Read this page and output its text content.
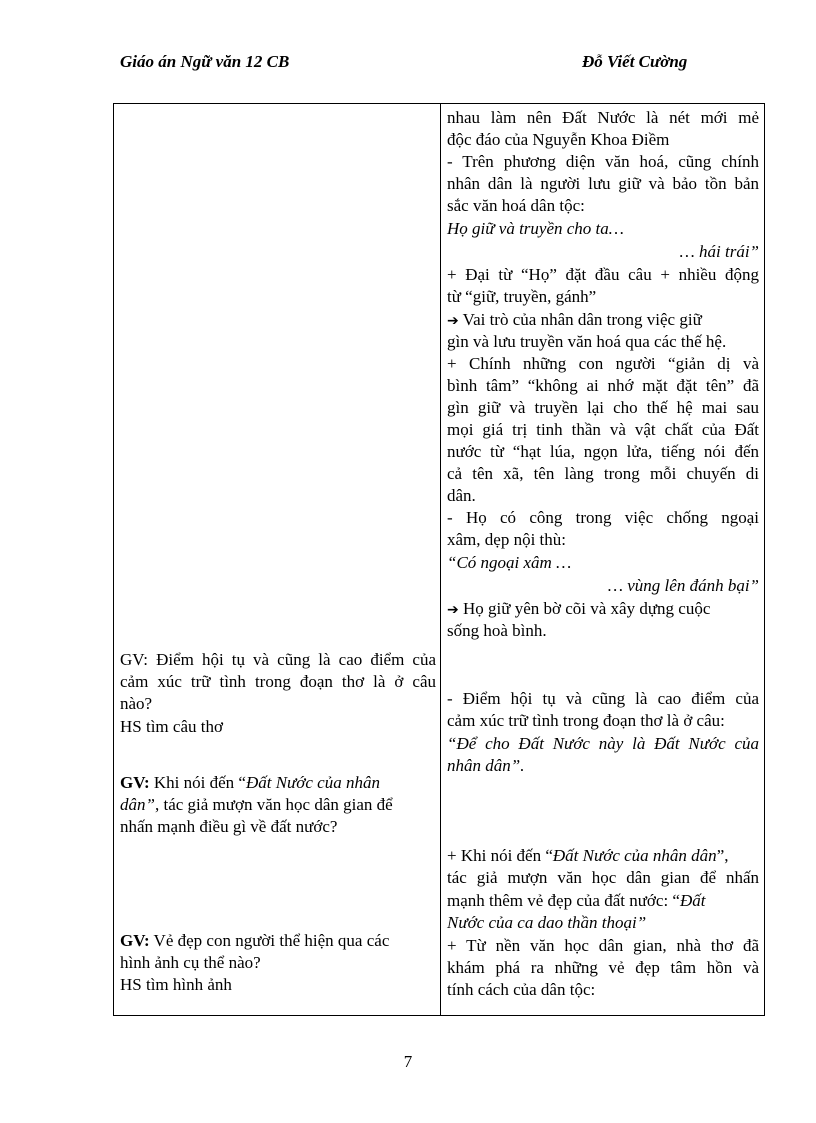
Giáo án Ngữ văn 12 CB	Đỗ Viết Cường
GV: Điểm hội tụ và cũng là cao điểm của
cảm xúc trữ tình trong đoạn thơ là ở câu
nào?
HS tìm câu thơ
GV: Khi nói đến “Đất Nước của nhân
dân”, tác giả mượn văn học dân gian để
nhấn mạnh điều gì về đất nước?
GV: Vẻ đẹp con người thể hiện qua các
hình ảnh cụ thể nào?
HS tìm hình ảnh
nhau làm nên Đất Nước là nét mới mẻ
độc đáo của Nguyễn Khoa Điềm
- Trên phương diện văn hoá, cũng chính
nhân dân là người lưu giữ và bảo tồn bản
sắc văn hoá dân tộc:
Họ giữ và truyền cho ta…
… hái trái”
+ Đại từ “Họ” đặt đầu câu + nhiều động
từ “giữ, truyền, gánh”
➔ Vai trò của nhân dân trong việc giữ
gìn và lưu truyền văn hoá qua các thế hệ.
+ Chính những con người “giản dị và
bình tâm” “không ai nhớ mặt đặt tên” đã
gìn giữ và truyền lại cho thế hệ mai sau
mọi giá trị tinh thần và vật chất của Đất
nước từ “hạt lúa, ngọn lửa, tiếng nói đến
cả tên xã, tên làng trong mỗi chuyến di
dân.
- Họ có công trong việc chống ngoại
xâm, dẹp nội thù:
“Có ngoại xâm …
… vùng lên đánh bại”
➔ Họ giữ yên bờ cõi và xây dựng cuộc
sống hoà bình.
- Điểm hội tụ và cũng là cao điểm của
cảm xúc trữ tình trong đoạn thơ là ở câu:
“Để cho Đất Nước này là Đất Nước của
nhân dân”.
+ Khi nói đến “Đất Nước của nhân dân”,
tác giả mượn văn học dân gian để nhấn
mạnh thêm vẻ đẹp của đất nước: “Đất
Nước của ca dao thần thoại”
+ Từ nền văn học dân gian, nhà thơ đã
khám phá ra những vẻ đẹp tâm hồn và
tính cách của dân tộc:
7
